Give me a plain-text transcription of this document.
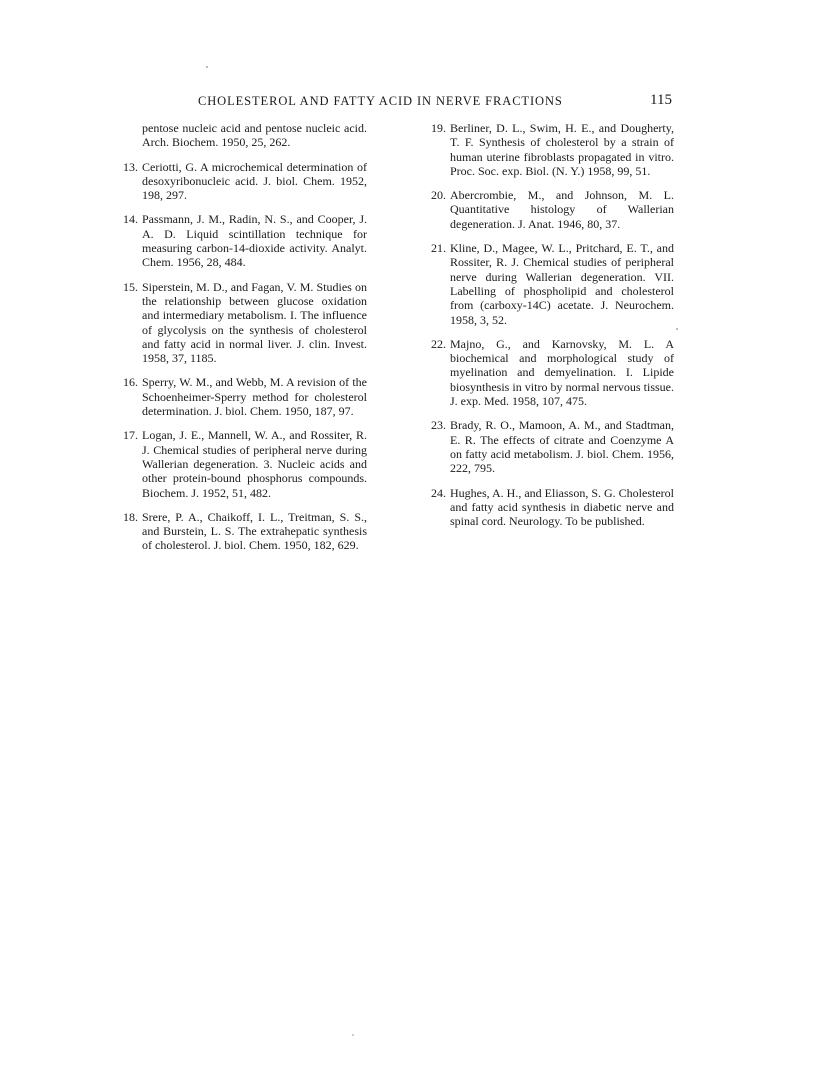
CHOLESTEROL AND FATTY ACID IN NERVE FRACTIONS	115
pentose nucleic acid and pentose nucleic acid. Arch. Biochem. 1950, 25, 262.
13. Ceriotti, G. A microchemical determination of desoxyribonucleic acid. J. biol. Chem. 1952, 198, 297.
14. Passmann, J. M., Radin, N. S., and Cooper, J. A. D. Liquid scintillation technique for measuring carbon-14-dioxide activity. Analyt. Chem. 1956, 28, 484.
15. Siperstein, M. D., and Fagan, V. M. Studies on the relationship between glucose oxidation and intermediary metabolism. I. The influence of glycolysis on the synthesis of cholesterol and fatty acid in normal liver. J. clin. Invest. 1958, 37, 1185.
16. Sperry, W. M., and Webb, M. A revision of the Schoenheimer-Sperry method for cholesterol determination. J. biol. Chem. 1950, 187, 97.
17. Logan, J. E., Mannell, W. A., and Rossiter, R. J. Chemical studies of peripheral nerve during Wallerian degeneration. 3. Nucleic acids and other protein-bound phosphorus compounds. Biochem. J. 1952, 51, 482.
18. Srere, P. A., Chaikoff, I. L., Treitman, S. S., and Burstein, L. S. The extrahepatic synthesis of cholesterol. J. biol. Chem. 1950, 182, 629.
19. Berliner, D. L., Swim, H. E., and Dougherty, T. F. Synthesis of cholesterol by a strain of human uterine fibroblasts propagated in vitro. Proc. Soc. exp. Biol. (N. Y.) 1958, 99, 51.
20. Abercrombie, M., and Johnson, M. L. Quantitative histology of Wallerian degeneration. J. Anat. 1946, 80, 37.
21. Kline, D., Magee, W. L., Pritchard, E. T., and Rossiter, R. J. Chemical studies of peripheral nerve during Wallerian degeneration. VII. Labelling of phospholipid and cholesterol from (carboxy-14C) acetate. J. Neurochem. 1958, 3, 52.
22. Majno, G., and Karnovsky, M. L. A biochemical and morphological study of myelination and demyelination. I. Lipide biosynthesis in vitro by normal nervous tissue. J. exp. Med. 1958, 107, 475.
23. Brady, R. O., Mamoon, A. M., and Stadtman, E. R. The effects of citrate and Coenzyme A on fatty acid metabolism. J. biol. Chem. 1956, 222, 795.
24. Hughes, A. H., and Eliasson, S. G. Cholesterol and fatty acid synthesis in diabetic nerve and spinal cord. Neurology. To be published.
